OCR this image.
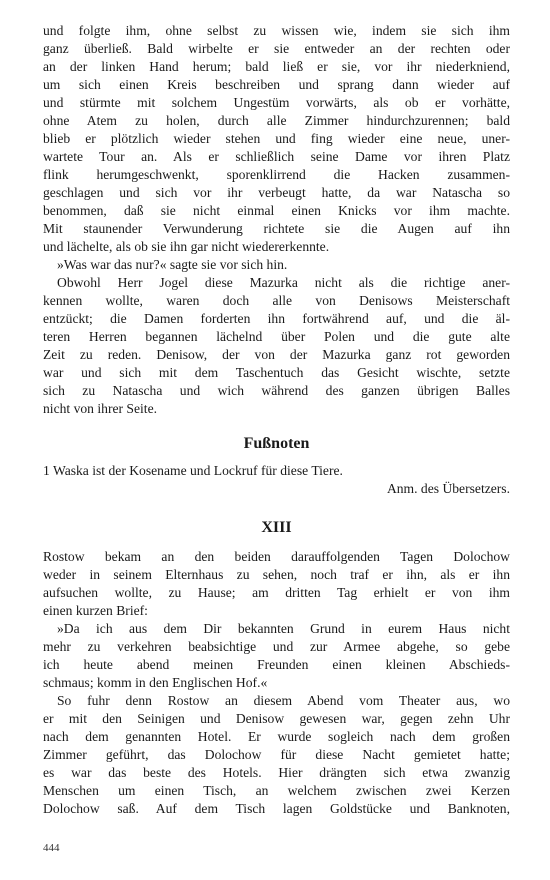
und folgte ihm, ohne selbst zu wissen wie, indem sie sich ihm
ganz überließ. Bald wirbelte er sie entweder an der rechten oder
an der linken Hand herum; bald ließ er sie, vor ihr niederkniend,
um sich einen Kreis beschreiben und sprang dann wieder auf
und stürmte mit solchem Ungestüm vorwärts, als ob er vorhätte,
ohne Atem zu holen, durch alle Zimmer hindurchzurennen; bald
blieb er plötzlich wieder stehen und fing wieder eine neue, uner-
wartete Tour an. Als er schließlich seine Dame vor ihren Platz
flink herumgeschwenkt, sporenklirrend die Hacken zusammen-
geschlagen und sich vor ihr verbeugt hatte, da war Natascha so
benommen, daß sie nicht einmal einen Knicks vor ihm machte.
Mit staunender Verwunderung richtete sie die Augen auf ihn
und lächelte, als ob sie ihn gar nicht wiedererkennte.
»Was war das nur?« sagte sie vor sich hin.
Obwohl Herr Jogel diese Mazurka nicht als die richtige aner-
kennen wollte, waren doch alle von Denisows Meisterschaft
entzückt; die Damen forderten ihn fortwährend auf, und die äl-
teren Herren begannen lächelnd über Polen und die gute alte
Zeit zu reden. Denisow, der von der Mazurka ganz rot geworden
war und sich mit dem Taschentuch das Gesicht wischte, setzte
sich zu Natascha und wich während des ganzen übrigen Balles
nicht von ihrer Seite.
Fußnoten
1 Waska ist der Kosename und Lockruf für diese Tiere.
Anm. des Übersetzers.
XIII
Rostow bekam an den beiden darauffolgenden Tagen Dolochow
weder in seinem Elternhaus zu sehen, noch traf er ihn, als er ihn
aufsuchen wollte, zu Hause; am dritten Tag erhielt er von ihm
einen kurzen Brief:
»Da ich aus dem Dir bekannten Grund in eurem Haus nicht
mehr zu verkehren beabsichtige und zur Armee abgehe, so gebe
ich heute abend meinen Freunden einen kleinen Abschieds-
schmaus; komm in den Englischen Hof.«
So fuhr denn Rostow an diesem Abend vom Theater aus, wo
er mit den Seinigen und Denisow gewesen war, gegen zehn Uhr
nach dem genannten Hotel. Er wurde sogleich nach dem großen
Zimmer geführt, das Dolochow für diese Nacht gemietet hatte;
es war das beste des Hotels. Hier drängten sich etwa zwanzig
Menschen um einen Tisch, an welchem zwischen zwei Kerzen
Dolochow saß. Auf dem Tisch lagen Goldstücke und Banknoten,
444
